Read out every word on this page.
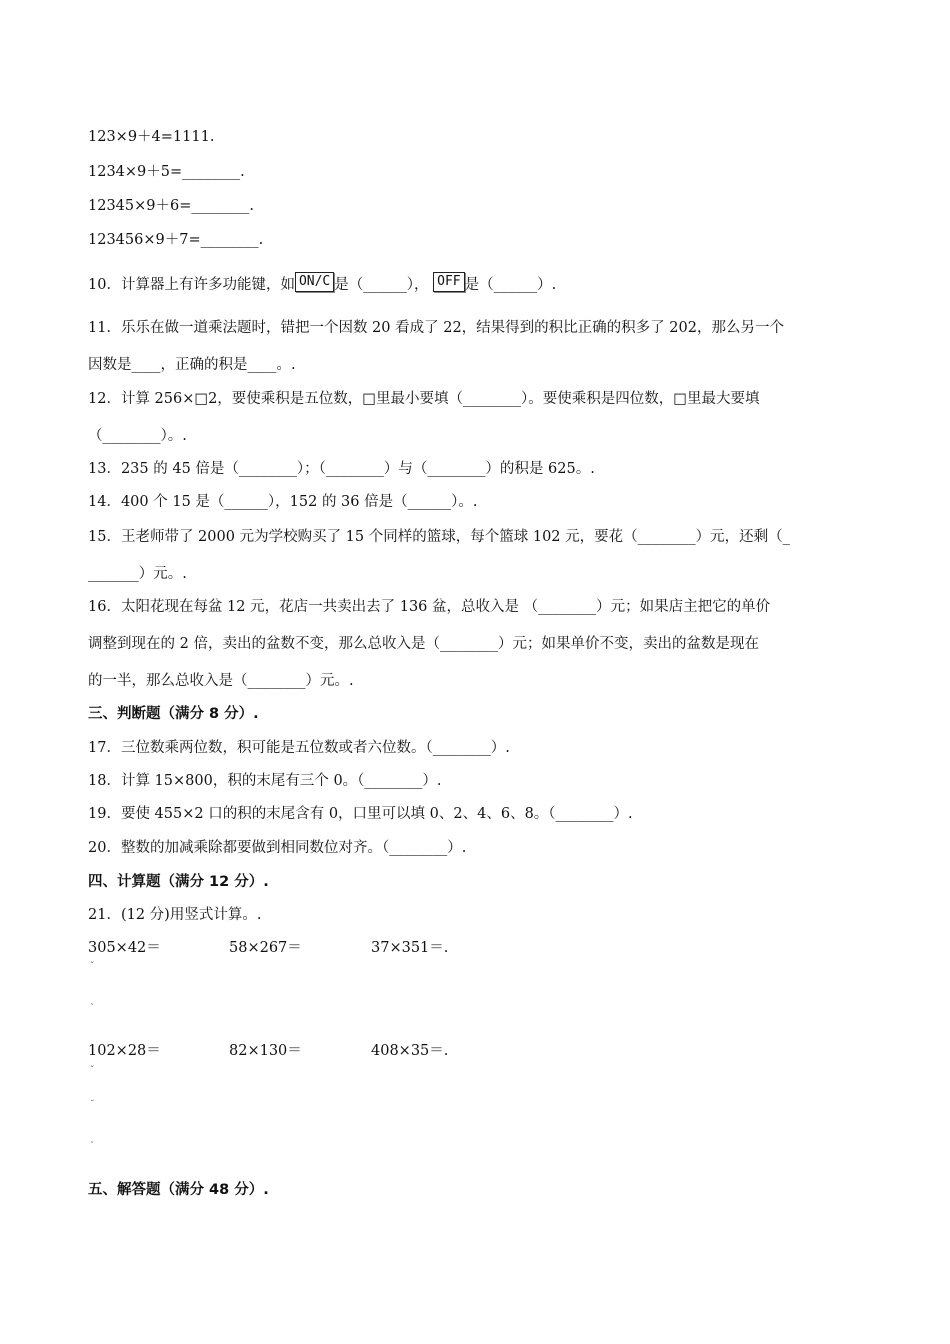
123×9＋4=1111.
1234×9＋5=________.
12345×9＋6=________.
123456×9＋7=________.
10．计算器上有许多功能键，如 ON/C 是（______）， OFF 是（______）.
11．乐乐在做一道乘法题时，错把一个因数 20 看成了 22，结果得到的积比正确的积多了 202，那么另一个
因数是____，正确的积是____。.
12．计算 256×□2，要使乘积是五位数，□里最小要填（________）。要使乘积是四位数，□里最大要填
（________）。.
13．235 的 45 倍是（________）；（________）与（________）的积是 625。.
14．400 个 15 是（______），152 的 36 倍是（______）。.
15．王老师带了 2000 元为学校购买了 15 个同样的篮球，每个篮球 102 元，要花（________）元，还剩（_
_______）元。.
16．太阳花现在每盆 12 元，花店一共卖出去了 136 盆，总收入是 （________）元；如果店主把它的单价
调整到现在的 2 倍，卖出的盆数不变，那么总收入是（________）元；如果单价不变，卖出的盆数是现在
的一半，那么总收入是（________）元。.
三、判断题（满分 8 分）.
17．三位数乘两位数，积可能是五位数或者六位数。（________）.
18．计算 15×800，积的末尾有三个 0。（________）.
19．要使 455×2 口的积的末尾含有 0，口里可以填 0、2、4、6、8。（________）.
20．整数的加减乘除都要做到相同数位对齐。（________）.
四、计算题（满分 12 分）.
21．(12 分)用竖式计算。.
305×42＝	58×267＝	37×351＝.
ˇ
˛
102×28＝	82×130＝	408×35＝.
ˇ
˘
˛
五、解答题（满分 48 分）.
